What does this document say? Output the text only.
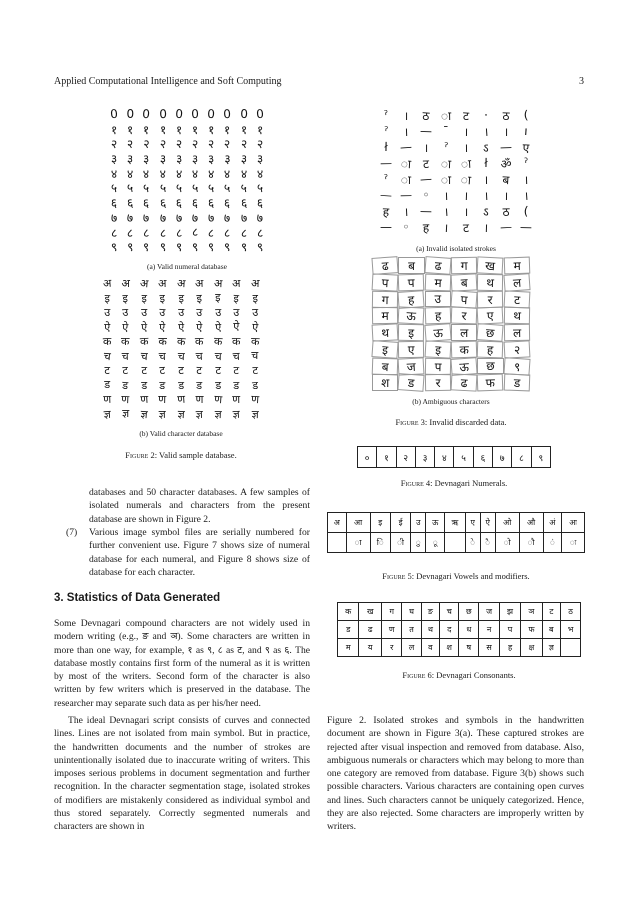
Applied Computational Intelligence and Soft Computing	3
0 0 0 0 0 0 0 0 0 0
१ १ १ १ १ १ १ १ १ १
२ २ २ २ २ २ २ २ २ २
३ ३ ३ ३ ३ ३ ३ ३ ३ ३
४ ४ ४ ४ ४ ४ ४ ४ ४ ४
५ ५ ५ ५ ५ ५ ५ ५ ५ ५
६ ६ ६ ६ ६ ६ ६ ६ ६ ६
७ ७ ७ ७ ७ ७ ७ ७ ७ ७
८ ८ ८ ८ ८ ८ ८ ८ ८ ८
९ ९ ९ ९ ९ ९ ९ ९ ९ ९
(a) Valid numeral database
अ अ अ अ अ अ अ अ अ
इ	इ	इ	इ	इ	इ	इ	इ	इ
उ	उ	उ	उ	उ	उ	उ	उ	उ
ऐ	ऐ	ऐ	ऐ	ऐ	ऐ	ऐ	ऐ	ऐ
क क क क क क क क क
च च च च च च च च च
ट	ट	ट	ट	ट	ट	ट	ट	ट
ड	ड	ड	ड	ड	ड	ड	ड	ड
ण ण ण ण ण ण ण ण ण
ज्ञ ज्ञ ज्ञ ज्ञ ज्ञ ज्ञ ज्ञ ज्ञ ज्ञ
(b) Valid character database
Figure 2: Valid sample database.
ˀ	।	ठ ा ट	·	ठ	(
ˀ	। — ˉ	।	।	।	ı
ł — ।	ˀ	।	ऽ — ए
— ा ट ा ा	ł	ॐ ˀ
ˀ	ा — ा ा	।	ब	।
— — ◦	।	।	।	।	।
ह	। — ।	।	ऽ	ठ	(
— ◦	ह	।	ट	। — —
(a) Invalid isolated strokes
ढ	ब	ढ	ग	ख	म
प	प	म	ब	थ	ल
ग	ह	उ	प	र	ट
म	ऊ	ह	र	ए	थ
थ	इ	ऊ	ल	छ	ल
इ	ए	इ	क	ह	२
ब	ज	प	ऊ	छ	९
श	ड	र	ढ	फ	ड
(b) Ambiguous characters
Figure 3: Invalid discarded data.
०	१	२	३	४	५	६	७	८	९
Figure 4: Devnagari Numerals.
अ	आ	इ	ई	उ	ऊ	ऋ	ए	ऐ	ओ	औ	अं	अः
	ा	ि	ी	ु	ू		े	ै	ो	ौ	ं	ः
Figure 5: Devnagari Vowels and modifiers.
क	ख	ग	घ	ङ	च	छ	ज	झ	ञ	ट	ठ
ड	ढ	ण	त	थ	द	ध	न	प	फ	ब	भ
म	य	र	ल	व	श	ष	स	ह	क्ष	ज्ञ	
Figure 6: Devnagari Consonants.
databases and 50 character databases. A few samples of isolated numerals and characters from the present database are shown in Figure 2.
(7)	Various image symbol files are serially numbered for further convenient use. Figure 7 shows size of numeral database for each numeral, and Figure 8 shows size of database for each character.
3. Statistics of Data Generated
Some Devnagari compound characters are not widely used in modern writing (e.g., ङ and ञ). Some characters are written in more than one way, for example, १ as ९, ८ as ट, and ९ as ६. The database mostly contains first form of the numeral as it is written by most of the writers. Second form of the character is also written by few writers which is preserved in the database. The researcher may separate such data as per his/her need.
The ideal Devnagari script consists of curves and connected lines. Lines are not isolated from main symbol. But in practice, the handwritten documents and the number of strokes are unintentionally isolated due to inaccurate writing of writers. This imposes serious problems in document segmentation and further recognition. In the character segmentation stage, isolated strokes of modifiers are mistakenly considered as individual symbol and thus stored separately. Correctly segmented numerals and characters are shown in
Figure 2. Isolated strokes and symbols in the handwritten document are shown in Figure 3(a). These captured strokes are rejected after visual inspection and removed from database. Also, ambiguous numerals or characters which may belong to more than one category are removed from database. Figure 3(b) shows such possible characters. Various characters are containing open curves and lines. Such characters cannot be uniquely categorized. Hence, they are also rejected. Some characters are improperly written by writers.
